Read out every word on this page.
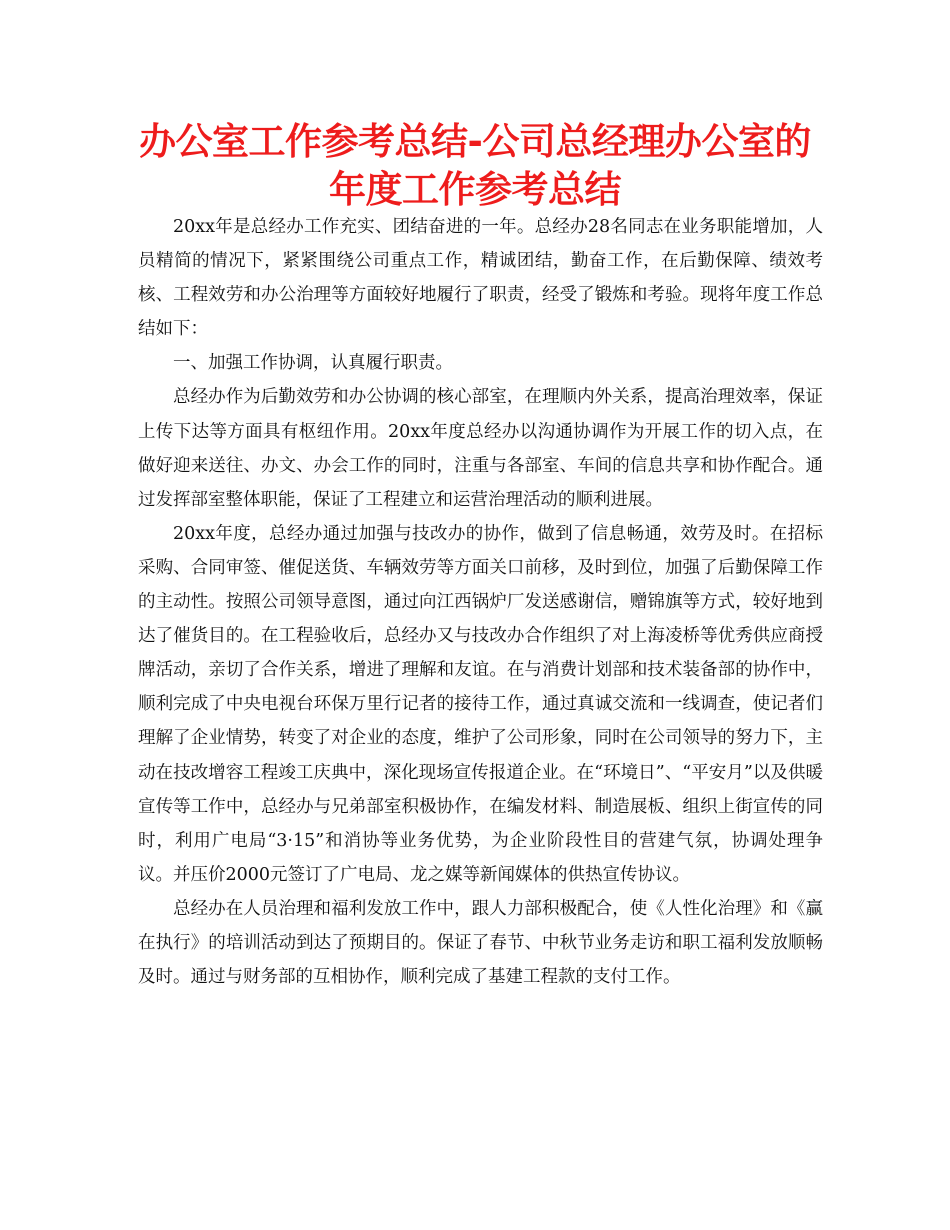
办公室工作参考总结-公司总经理办公室的年度工作参考总结

20xx年是总经办工作充实、团结奋进的一年。总经办28名同志在业务职能增加，人员精简的情况下，紧紧围绕公司重点工作，精诚团结，勤奋工作，在后勤保障、绩效考核、工程效劳和办公治理等方面较好地履行了职责，经受了锻炼和考验。现将年度工作总结如下：

一、加强工作协调，认真履行职责。

总经办作为后勤效劳和办公协调的核心部室，在理顺内外关系，提高治理效率，保证上传下达等方面具有枢纽作用。20xx年度总经办以沟通协调作为开展工作的切入点，在做好迎来送往、办文、办会工作的同时，注重与各部室、车间的信息共享和协作配合。通过发挥部室整体职能，保证了工程建立和运营治理活动的顺利进展。

20xx年度，总经办通过加强与技改办的协作，做到了信息畅通，效劳及时。在招标采购、合同审签、催促送货、车辆效劳等方面关口前移，及时到位，加强了后勤保障工作的主动性。按照公司领导意图，通过向江西锅炉厂发送感谢信，赠锦旗等方式，较好地到达了催货目的。在工程验收后，总经办又与技改办合作组织了对上海凌桥等优秀供应商授牌活动，亲切了合作关系，增进了理解和友谊。在与消费计划部和技术装备部的协作中，顺利完成了中央电视台环保万里行记者的接待工作，通过真诚交流和一线调查，使记者们理解了企业情势，转变了对企业的态度，维护了公司形象，同时在公司领导的努力下，主动在技改增容工程竣工庆典中，深化现场宣传报道企业。在“环境日”、“平安月”以及供暖宣传等工作中，总经办与兄弟部室积极协作，在编发材料、制造展板、组织上街宣传的同时，利用广电局“3·15”和消协等业务优势，为企业阶段性目的营建气氛，协调处理争议。并压价2000元签订了广电局、龙之媒等新闻媒体的供热宣传协议。

总经办在人员治理和福利发放工作中，跟人力部积极配合，使《人性化治理》和《赢在执行》的培训活动到达了预期目的。保证了春节、中秋节业务走访和职工福利发放顺畅及时。通过与财务部的互相协作，顺利完成了基建工程款的支付工作。
